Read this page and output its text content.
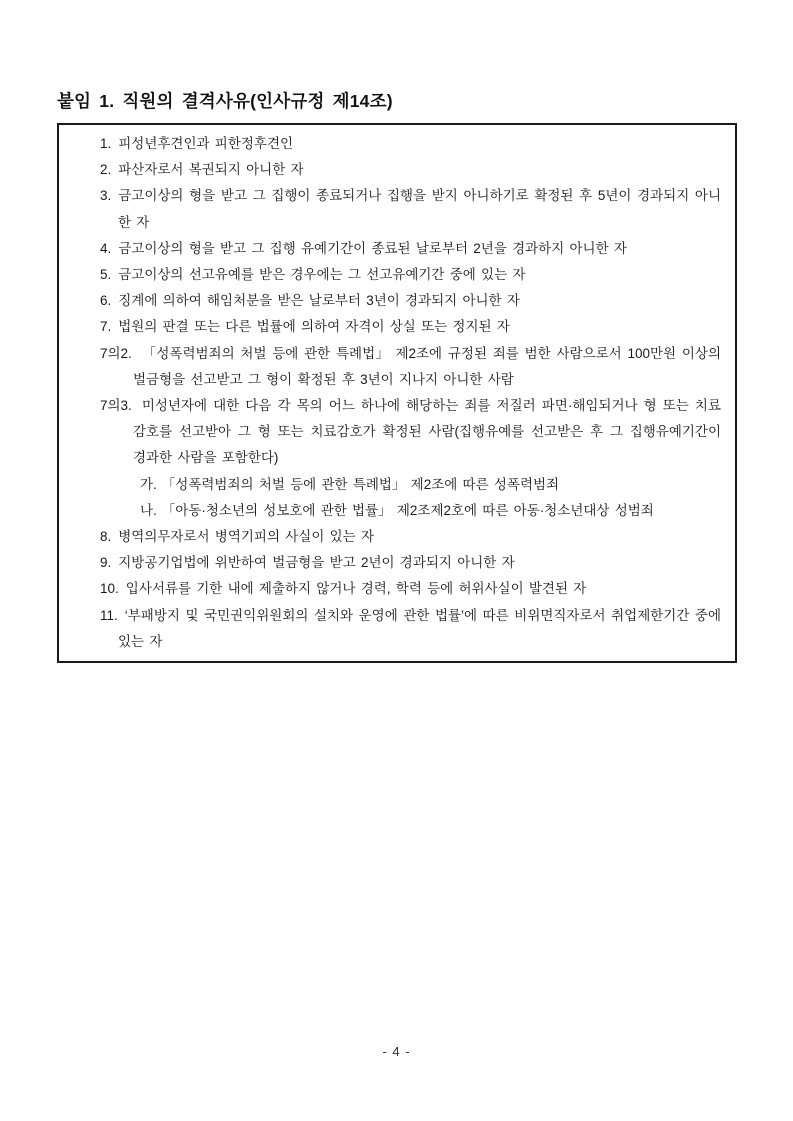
붙임 1. 직원의 결격사유(인사규정 제14조)
1. 피성년후견인과 피한정후견인
2. 파산자로서 복권되지 아니한 자
3. 금고이상의 형을 받고 그 집행이 종료되거나 집행을 받지 아니하기로 확정된 후 5년이 경과되지 아니한 자
4. 금고이상의 형을 받고 그 집행 유예기간이 종료된 날로부터 2년을 경과하지 아니한 자
5. 금고이상의 선고유예를 받은 경우에는 그 선고유예기간 중에 있는 자
6. 징계에 의하여 해임처분을 받은 날로부터 3년이 경과되지 아니한 자
7. 법원의 판결 또는 다른 법률에 의하여 자격이 상실 또는 정지된 자
7의2. 「성폭력범죄의 처벌 등에 관한 특례법」 제2조에 규정된 죄를 범한 사람으로서 100만원 이상의 벌금형을 선고받고 그 형이 확정된 후 3년이 지나지 아니한 사람
7의3. 미성년자에 대한 다음 각 목의 어느 하나에 해당하는 죄를 저질러 파면·해임되거나 형 또는 치료감호를 선고받아 그 형 또는 치료감호가 확정된 사람(집행유예를 선고받은 후 그 집행유예기간이 경과한 사람을 포함한다)
가. 「성폭력범죄의 처벌 등에 관한 특례법」 제2조에 따른 성폭력범죄
나. 「아동·청소년의 성보호에 관한 법률」 제2조제2호에 따른 아동·청소년대상 성범죄
8. 병역의무자로서 병역기피의 사실이 있는 자
9. 지방공기업법에 위반하여 벌금형을 받고 2년이 경과되지 아니한 자
10. 입사서류를 기한 내에 제출하지 않거나 경력, 학력 등에 허위사실이 발견된 자
11. ‘부패방지 및 국민권익위원회의 설치와 운영에 관한 법률’에 따른 비위면직자로서 취업제한기간 중에 있는 자
- 4 -
